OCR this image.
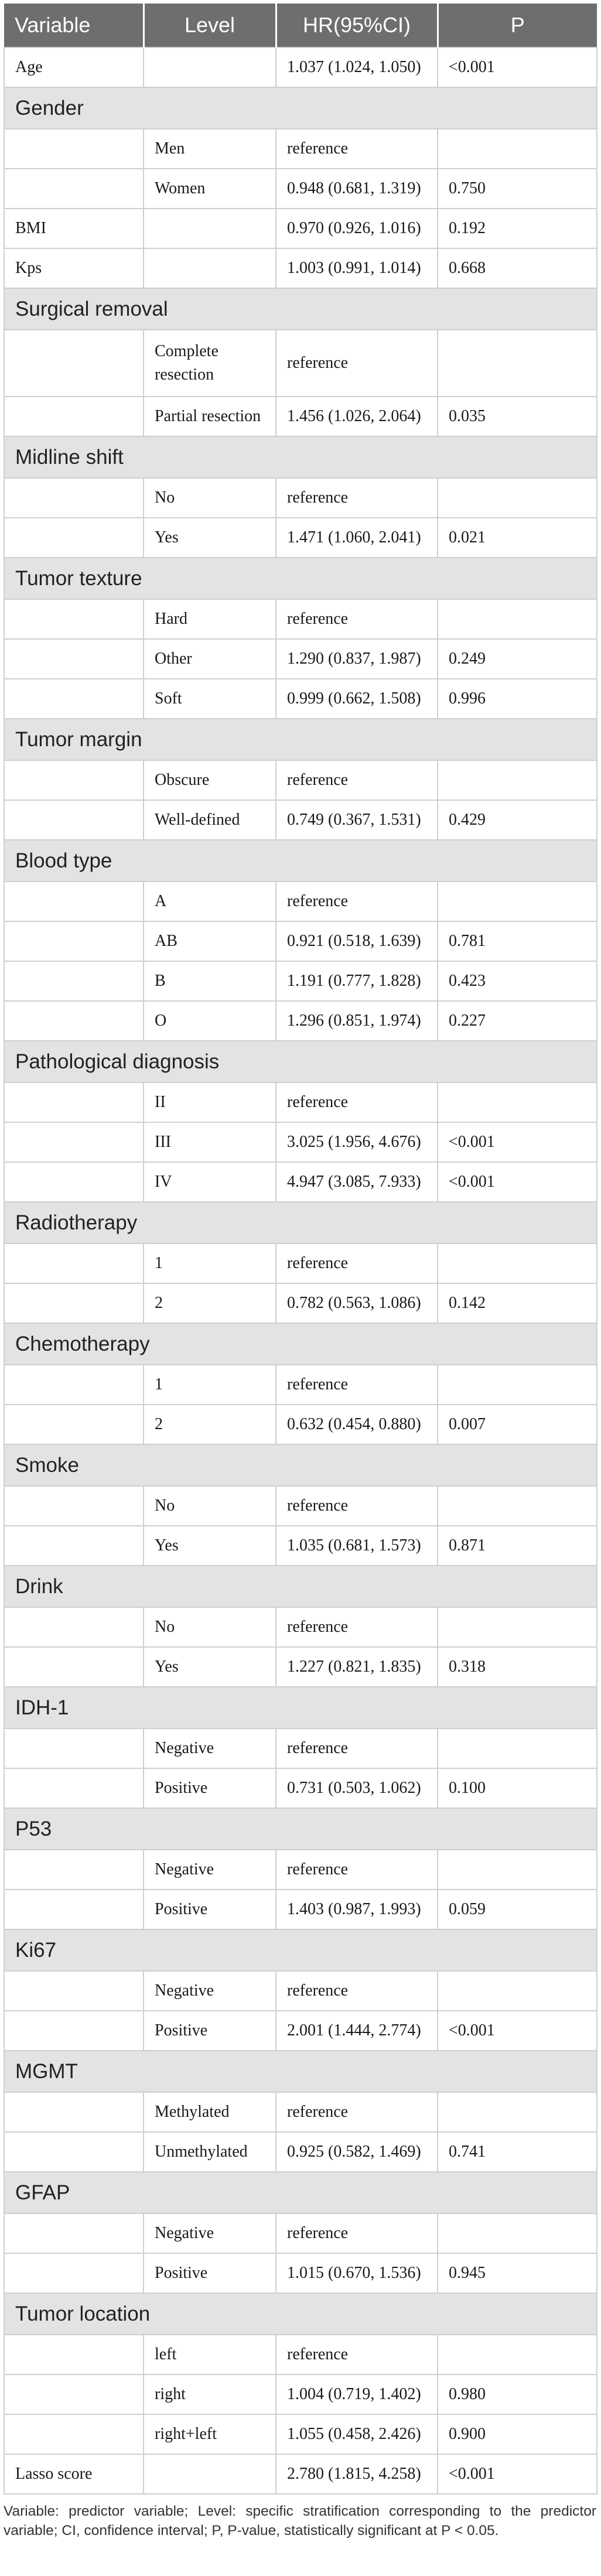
Variable	Level	HR(95%CI)	P
Age		1.037 (1.024, 1.050)	<0.001
Gender			
	Men	reference	
	Women	0.948 (0.681, 1.319)	0.750
BMI		0.970 (0.926, 1.016)	0.192
Kps		1.003 (0.991, 1.014)	0.668
Surgical removal			
	Complete resection	reference	
	Partial resection	1.456 (1.026, 2.064)	0.035
Midline shift			
	No	reference	
	Yes	1.471 (1.060, 2.041)	0.021
Tumor texture			
	Hard	reference	
	Other	1.290 (0.837, 1.987)	0.249
	Soft	0.999 (0.662, 1.508)	0.996
Tumor margin			
	Obscure	reference	
	Well-defined	0.749 (0.367, 1.531)	0.429
Blood type			
	A	reference	
	AB	0.921 (0.518, 1.639)	0.781
	B	1.191 (0.777, 1.828)	0.423
	O	1.296 (0.851, 1.974)	0.227
Pathological diagnosis			
	II	reference	
	III	3.025 (1.956, 4.676)	<0.001
	IV	4.947 (3.085, 7.933)	<0.001
Radiotherapy			
	1	reference	
	2	0.782 (0.563, 1.086)	0.142
Chemotherapy			
	1	reference	
	2	0.632 (0.454, 0.880)	0.007
Smoke			
	No	reference	
	Yes	1.035 (0.681, 1.573)	0.871
Drink			
	No	reference	
	Yes	1.227 (0.821, 1.835)	0.318
IDH-1			
	Negative	reference	
	Positive	0.731 (0.503, 1.062)	0.100
P53			
	Negative	reference	
	Positive	1.403 (0.987, 1.993)	0.059
Ki67			
	Negative	reference	
	Positive	2.001 (1.444, 2.774)	<0.001
MGMT			
	Methylated	reference	
	Unmethylated	0.925 (0.582, 1.469)	0.741
GFAP			
	Negative	reference	
	Positive	1.015 (0.670, 1.536)	0.945
Tumor location			
	left	reference	
	right	1.004 (0.719, 1.402)	0.980
	right+left	1.055 (0.458, 2.426)	0.900
Lasso score		2.780 (1.815, 4.258)	<0.001
Variable: predictor variable; Level: specific stratification corresponding to the predictor variable; CI, confidence interval; P, P-value, statistically significant at P < 0.05.
